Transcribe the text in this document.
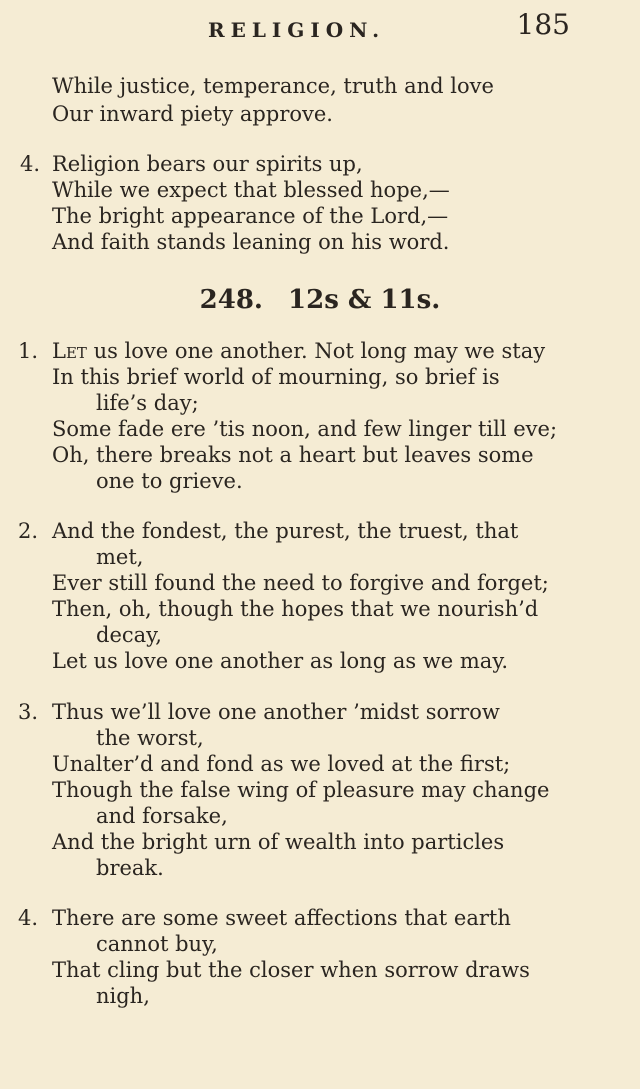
RELIGION.	185
While justice, temperance, truth and love
Our inward piety approve.
4. Religion bears our spirits up,
While we expect that blessed hope,—
The bright appearance of the Lord,—
And faith stands leaning on his word.
248. 12s & 11s.
1. Let us love one another. Not long may we stay
In this brief world of mourning, so brief is
life’s day;
Some fade ere ’tis noon, and few linger till eve;
Oh, there breaks not a heart but leaves some
one to grieve.
2. And the fondest, the purest, the truest, that
met,
Ever still found the need to forgive and forget;
Then, oh, though the hopes that we nourish’d
decay,
Let us love one another as long as we may.
3. Thus we’ll love one another ’midst sorrow
the worst,
Unalter’d and fond as we loved at the first;
Though the false wing of pleasure may change
and forsake,
And the bright urn of wealth into particles
break.
4. There are some sweet affections that earth
cannot buy,
That cling but the closer when sorrow draws
nigh,
